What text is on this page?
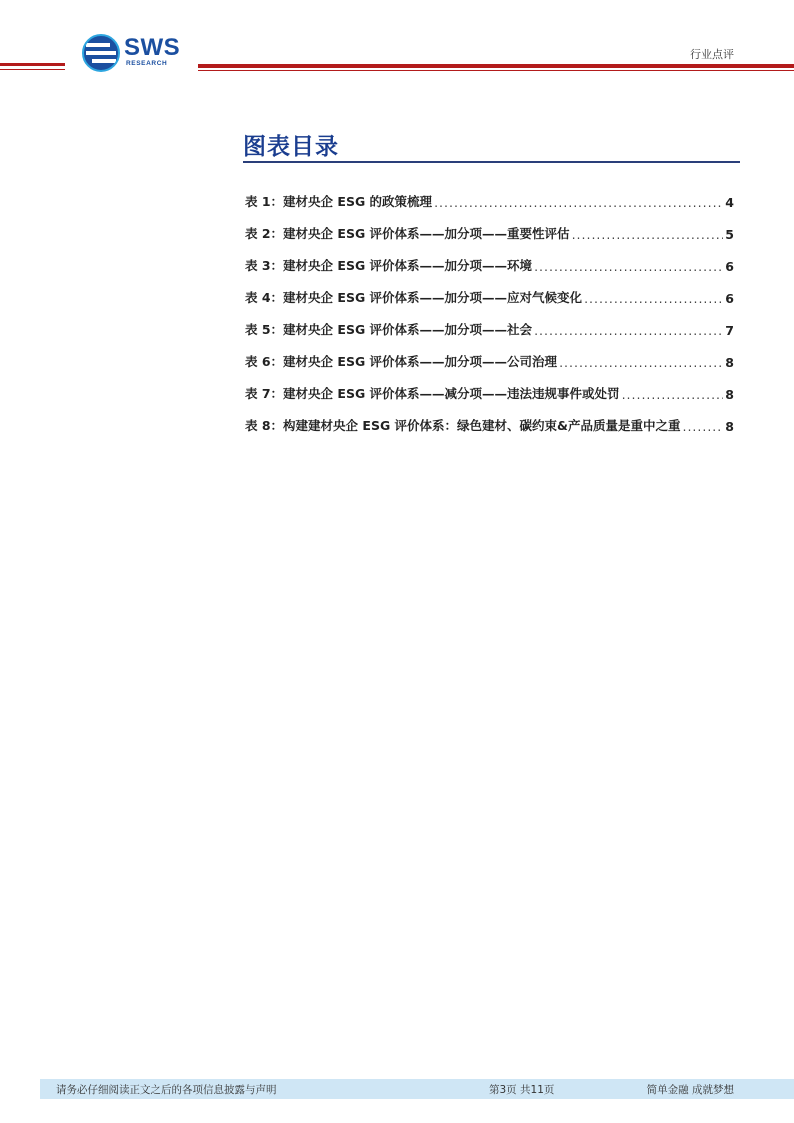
SWS
RESEARCH
行业点评
图表目录
表 1：建材央企 ESG 的政策梳理 .....	4
表 2：建材央企 ESG 评价体系——加分项——重要性评估 .....	5
表 3：建材央企 ESG 评价体系——加分项——环境 .....	6
表 4：建材央企 ESG 评价体系——加分项——应对气候变化 .....	6
表 5：建材央企 ESG 评价体系——加分项——社会 .....	7
表 6：建材央企 ESG 评价体系——加分项——公司治理 .....	8
表 7：建材央企 ESG 评价体系——减分项——违法违规事件或处罚 .....	8
表 8：构建建材央企 ESG 评价体系：绿色建材、碳约束&产品质量是重中之重 .....	8
请务必仔细阅读正文之后的各项信息披露与声明	第3页 共11页	简单金融 成就梦想
